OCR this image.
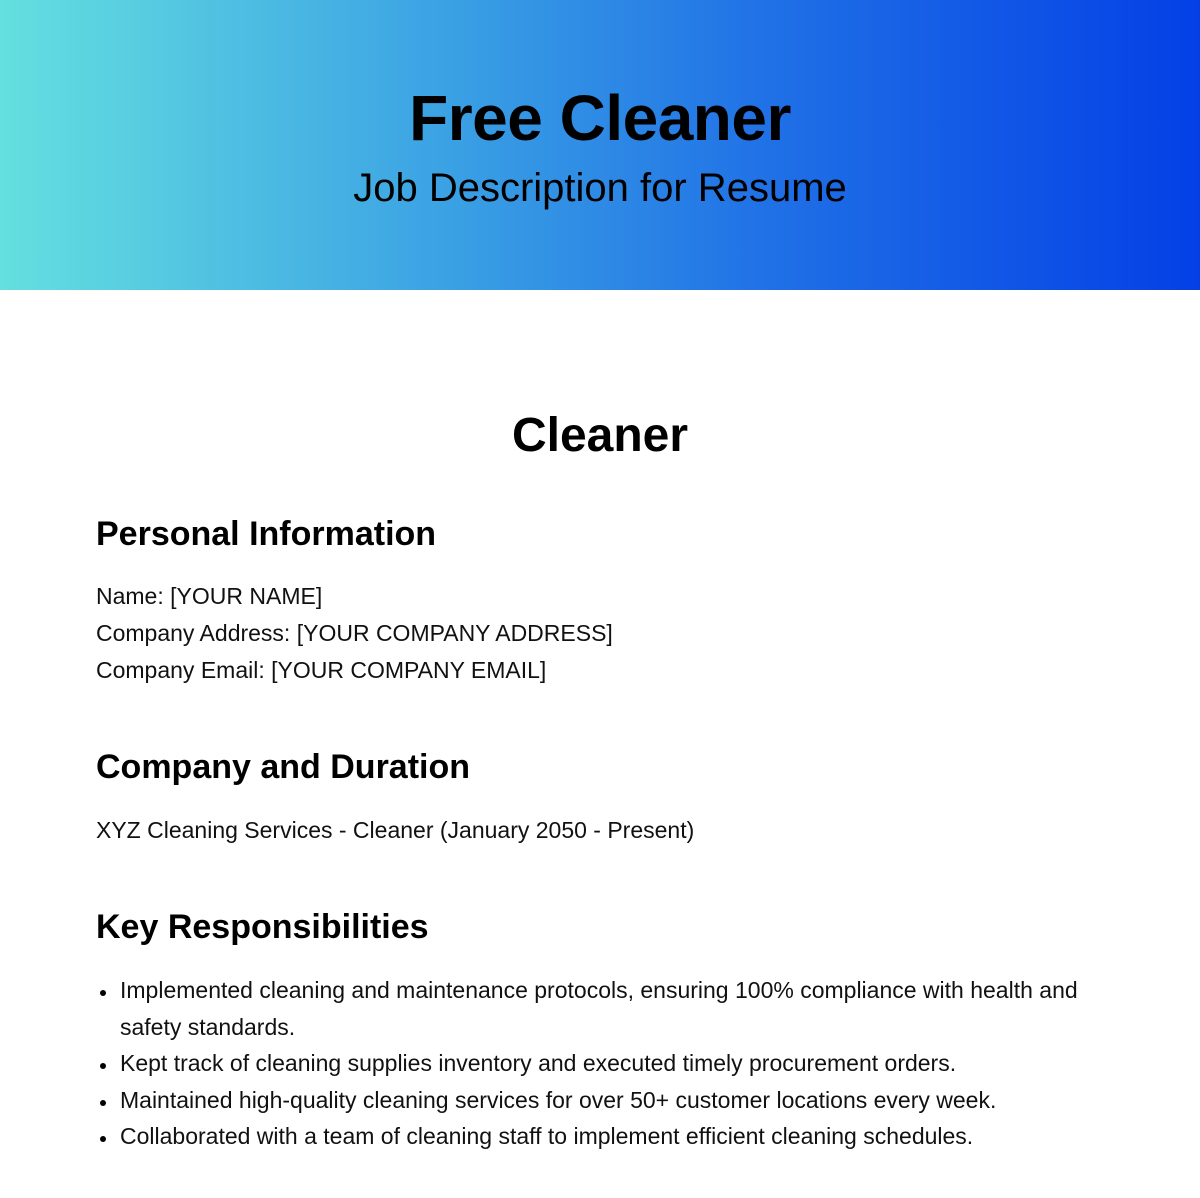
Free Cleaner
Job Description for Resume
Cleaner
Personal Information
Name: [YOUR NAME]
Company Address: [YOUR COMPANY ADDRESS]
Company Email: [YOUR COMPANY EMAIL]
Company and Duration
XYZ Cleaning Services - Cleaner (January 2050 - Present)
Key Responsibilities
Implemented cleaning and maintenance protocols, ensuring 100% compliance with health and safety standards.
Kept track of cleaning supplies inventory and executed timely procurement orders.
Maintained high-quality cleaning services for over 50+ customer locations every week.
Collaborated with a team of cleaning staff to implement efficient cleaning schedules.
